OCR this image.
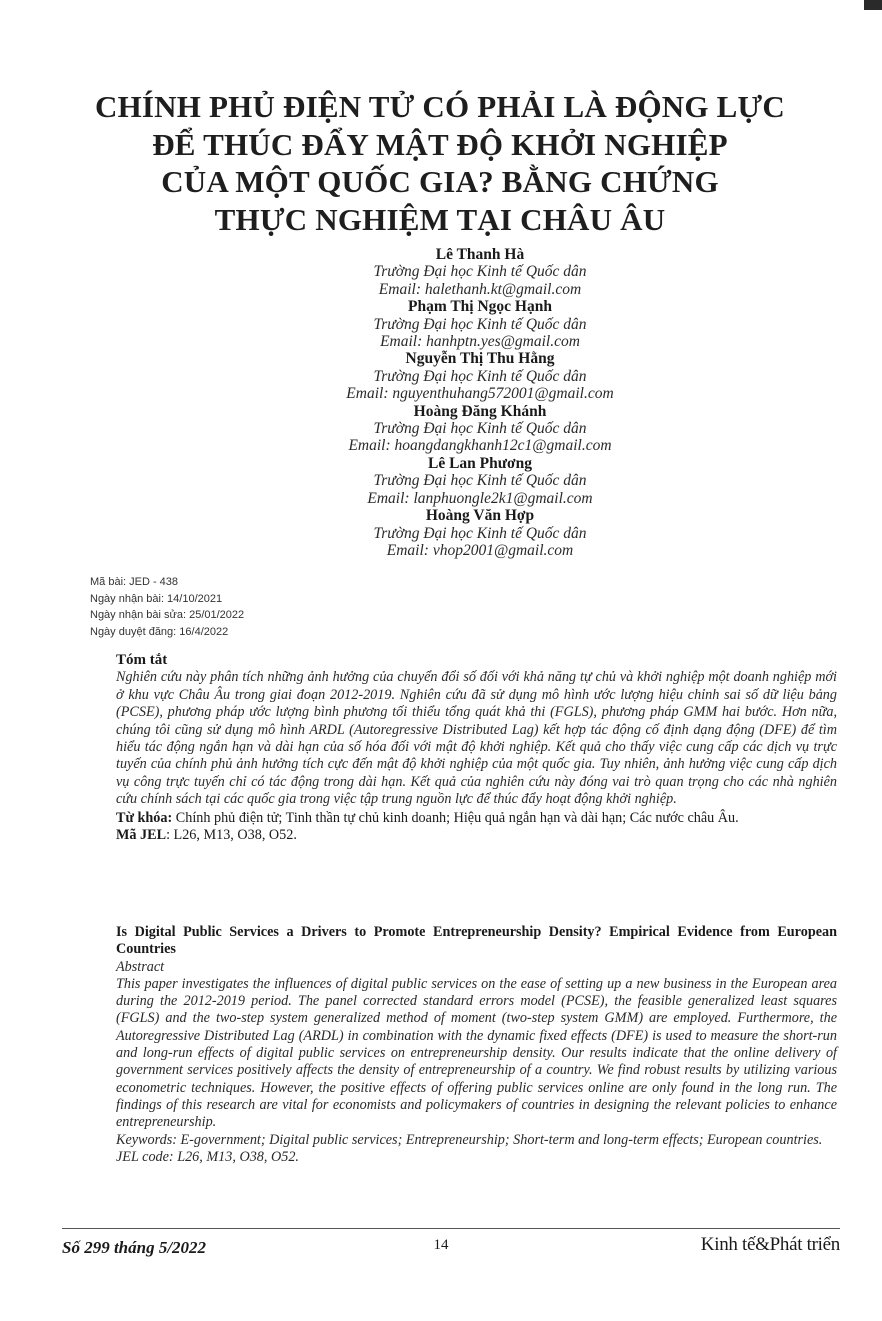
CHÍNH PHỦ ĐIỆN TỬ CÓ PHẢI LÀ ĐỘNG LỰC
ĐỂ THÚC ĐẨY MẬT ĐỘ KHỞI NGHIỆP
CỦA MỘT QUỐC GIA? BẰNG CHỨNG
THỰC NGHIỆM TẠI CHÂU ÂU
Lê Thanh Hà
Trường Đại học Kinh tế Quốc dân
Email: halethanh.kt@gmail.com
Phạm Thị Ngọc Hạnh
Trường Đại học Kinh tế Quốc dân
Email: hanhptn.yes@gmail.com
Nguyễn Thị Thu Hằng
Trường Đại học Kinh tế Quốc dân
Email: nguyenthuhang572001@gmail.com
Hoàng Đăng Khánh
Trường Đại học Kinh tế Quốc dân
Email: hoangdangkhanh12c1@gmail.com
Lê Lan Phương
Trường Đại học Kinh tế Quốc dân
Email: lanphuongle2k1@gmail.com
Hoàng Văn Hợp
Trường Đại học Kinh tế Quốc dân
Email: vhop2001@gmail.com
Mã bài: JED - 438
Ngày nhận bài: 14/10/2021
Ngày nhận bài sửa: 25/01/2022
Ngày duyệt đăng: 16/4/2022
Tóm tắt
Nghiên cứu này phân tích những ảnh hưởng của chuyển đổi số đối với khả năng tự chủ và khởi nghiệp một doanh nghiệp mới ở khu vực Châu Âu trong giai đoạn 2012-2019. Nghiên cứu đã sử dụng mô hình ước lượng hiệu chỉnh sai số dữ liệu bảng (PCSE), phương pháp ước lượng bình phương tối thiểu tổng quát khả thi (FGLS), phương pháp GMM hai bước. Hơn nữa, chúng tôi cũng sử dụng mô hình ARDL (Autoregressive Distributed Lag) kết hợp tác động cố định dạng động (DFE) để tìm hiểu tác động ngắn hạn và dài hạn của số hóa đối với mật độ khởi nghiệp. Kết quả cho thấy việc cung cấp các dịch vụ trực tuyến của chính phủ ảnh hưởng tích cực đến mật độ khởi nghiệp của một quốc gia. Tuy nhiên, ảnh hưởng việc cung cấp dịch vụ công trực tuyến chỉ có tác động trong dài hạn. Kết quả của nghiên cứu này đóng vai trò quan trọng cho các nhà nghiên cứu chính sách tại các quốc gia trong việc tập trung nguồn lực để thúc đẩy hoạt động khởi nghiệp.
Từ khóa: Chính phủ điện tử; Tinh thần tự chủ kinh doanh; Hiệu quả ngắn hạn và dài hạn; Các nước châu Âu.
Mã JEL: L26, M13, O38, O52.
Is Digital Public Services a Drivers to Promote Entrepreneurship Density? Empirical Evidence from European Countries
Abstract
This paper investigates the influences of digital public services on the ease of setting up a new business in the European area during the 2012-2019 period. The panel corrected standard errors model (PCSE), the feasible generalized least squares (FGLS) and the two-step system generalized method of moment (two-step system GMM) are employed. Furthermore, the Autoregressive Distributed Lag (ARDL) in combination with the dynamic fixed effects (DFE) is used to measure the short-run and long-run effects of digital public services on entrepreneurship density. Our results indicate that the online delivery of government services positively affects the density of entrepreneurship of a country. We find robust results by utilizing various econometric techniques. However, the positive effects of offering public services online are only found in the long run. The findings of this research are vital for economists and policymakers of countries in designing the relevant policies to enhance entrepreneurship.
Keywords: E-government; Digital public services; Entrepreneurship; Short-term and long-term effects; European countries.
JEL code: L26, M13, O38, O52.
Số 299 tháng 5/2022	14	Kinh tế&Phát triển
